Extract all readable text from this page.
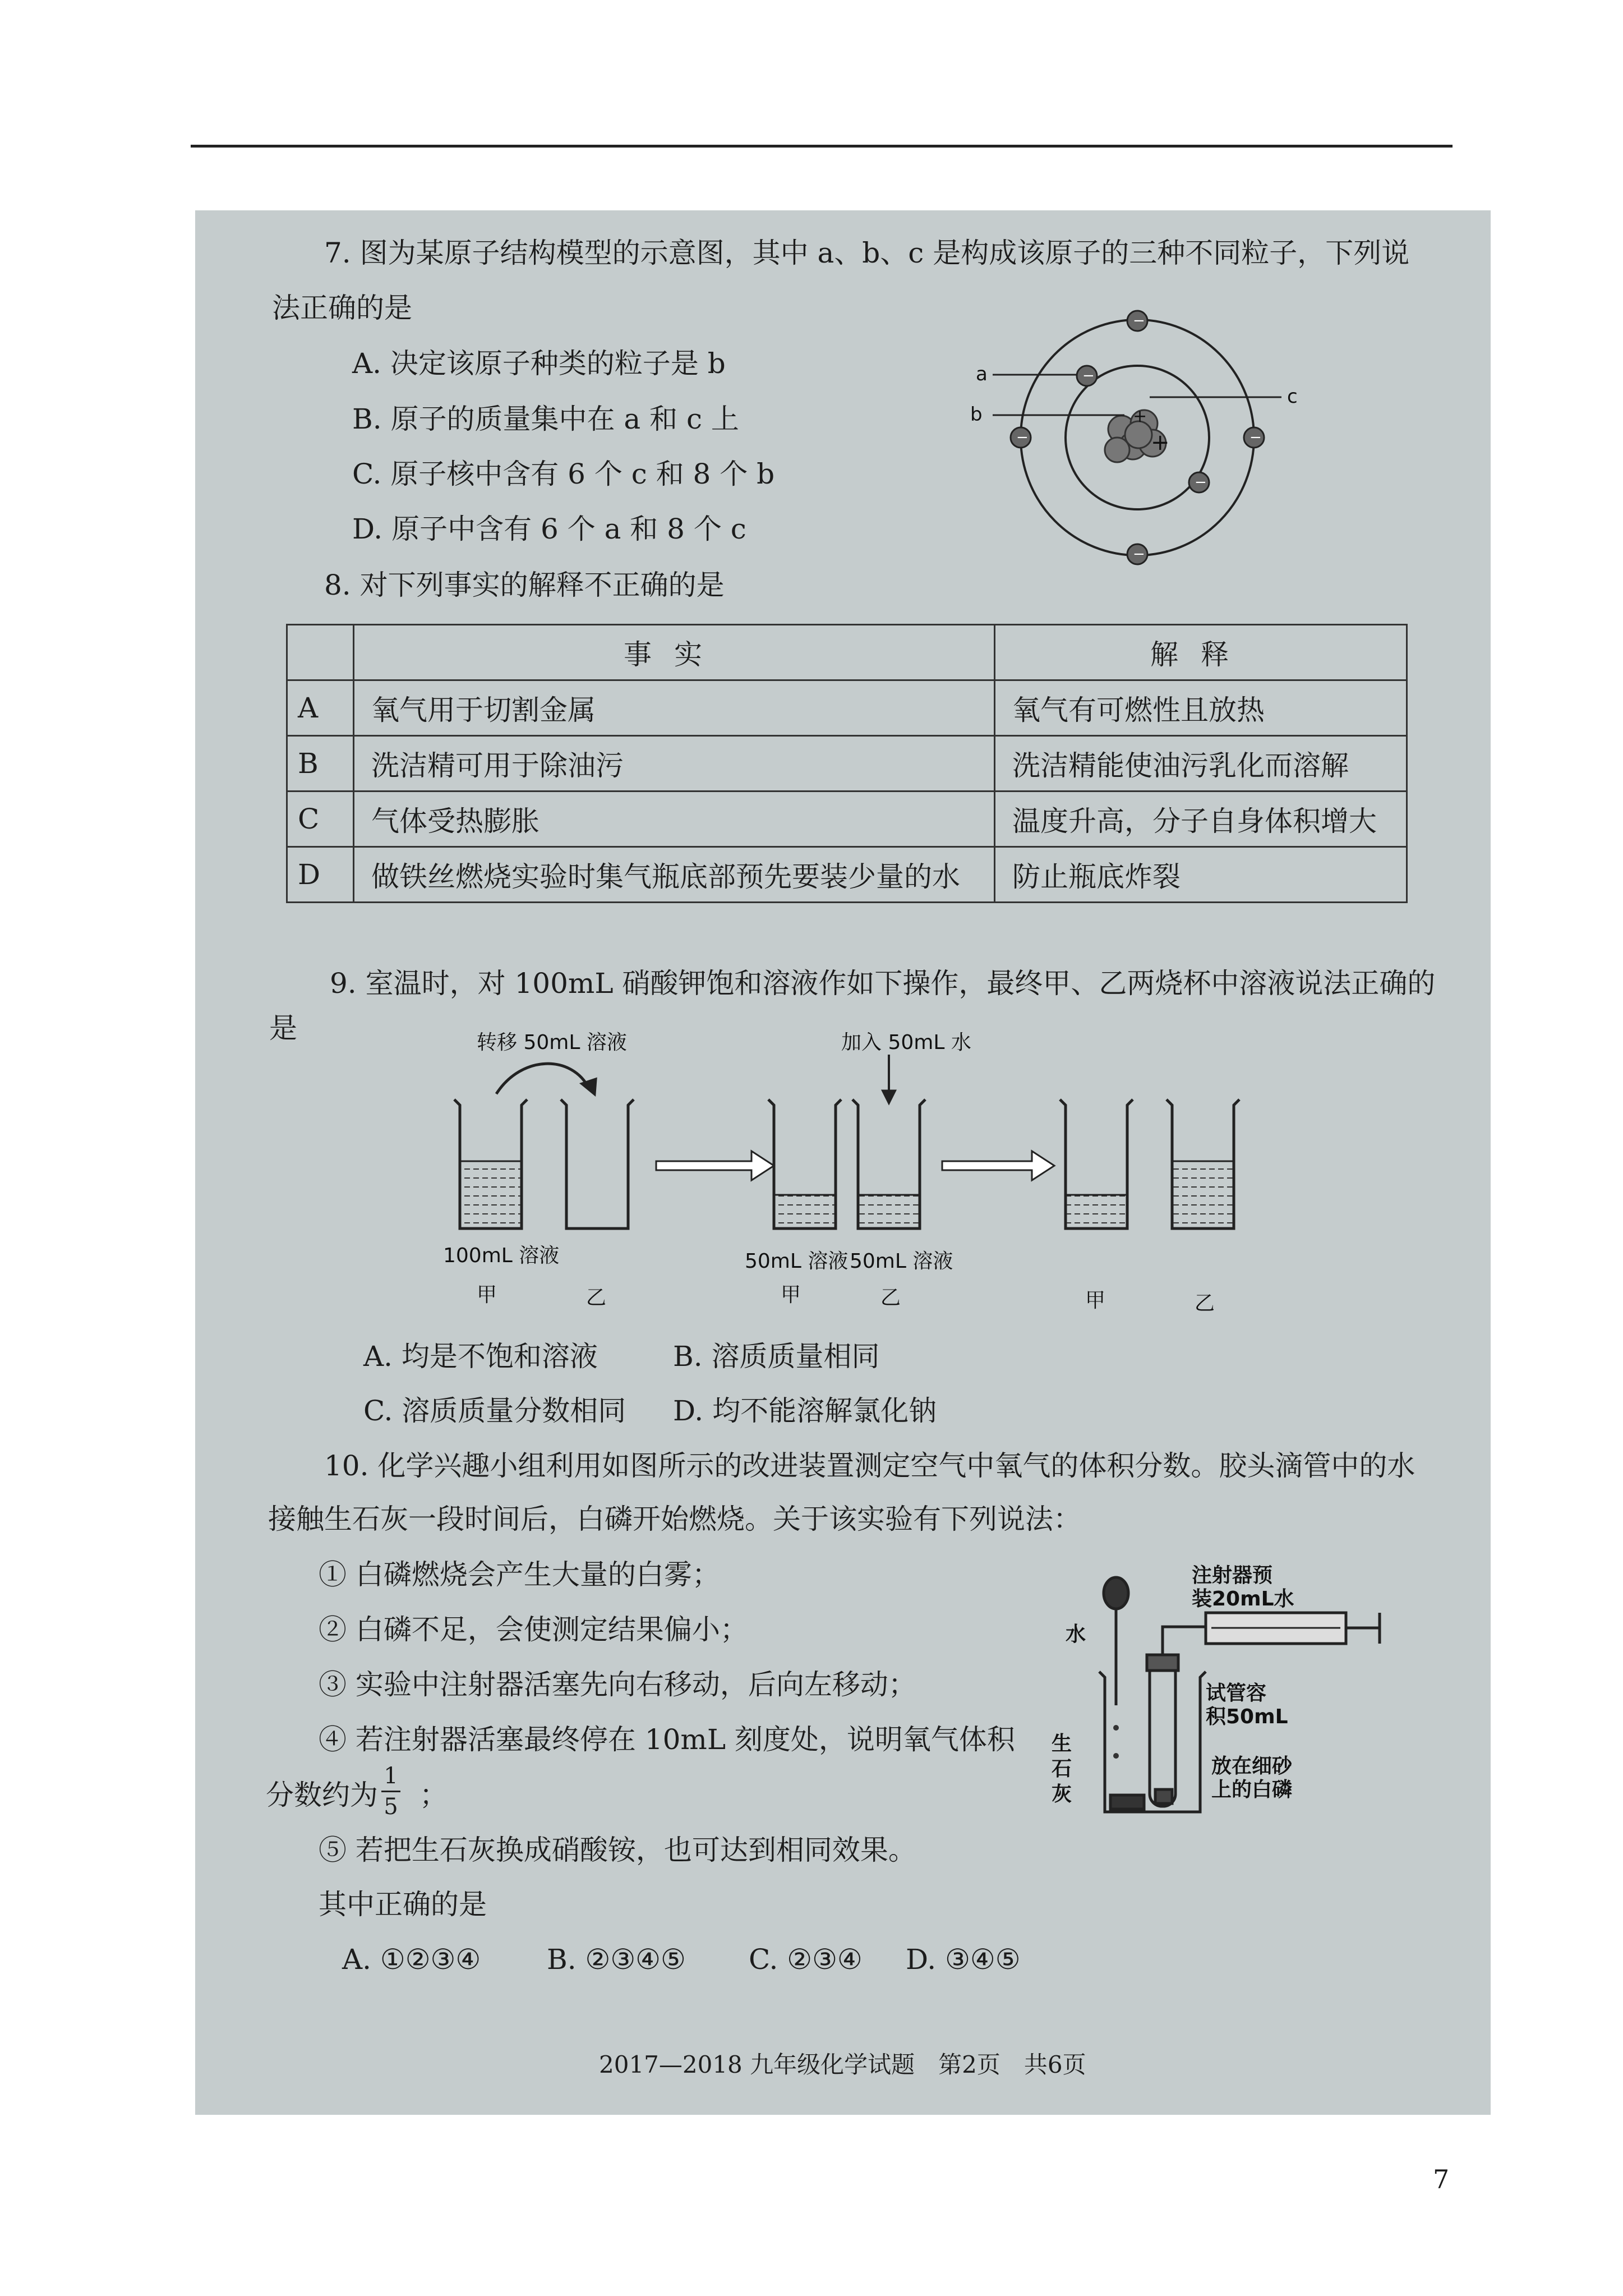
7. 图为某原子结构模型的示意图，其中 a、b、c 是构成该原子的三种不同粒子，下列说
法正确的是
A. 决定该原子种类的粒子是 b
B. 原子的质量集中在 a 和 c 上
C. 原子核中含有 6 个 c 和 8 个 b
D. 原子中含有 6 个 a 和 8 个 c
+
+
−
−
−	−
−
−
a
b
c
8. 对下列事实的解释不正确的是
	事实	解释
A	氧气用于切割金属	氧气有可燃性且放热
B	洗洁精可用于除油污	洗洁精能使油污乳化而溶解
C	气体受热膨胀	温度升高，分子自身体积增大
D	做铁丝燃烧实验时集气瓶底部预先要装少量的水	防止瓶底炸裂
9. 室温时，对 100mL 硝酸钾饱和溶液作如下操作，最终甲、乙两烧杯中溶液说法正确的
是	转移 50mL 溶液	加入 50mL 水
100mL 溶液	50mL 溶液 50mL 溶液
甲	乙	甲	乙	甲	乙
A. 均是不饱和溶液	B. 溶质质量相同
C. 溶质质量分数相同 D. 均不能溶解氯化钠
10. 化学兴趣小组利用如图所示的改进装置测定空气中氧气的体积分数。胶头滴管中的水
接触生石灰一段时间后，白磷开始燃烧。关于该实验有下列说法：
① 白磷燃烧会产生大量的白雾；
② 白磷不足，会使测定结果偏小；
③ 实验中注射器活塞先向右移动，后向左移动；
④ 若注射器活塞最终停在 10mL 刻度处，说明氧气体积
分数约为
1
5 ；
⑤ 若把生石灰换成硝酸铵，也可达到相同效果。
其中正确的是
A. ①②③④ B. ②③④⑤ C. ②③④ D. ③④⑤
水
注射器预
装20mL水
试管容
积50mL
生
石
灰
放在细砂
上的白磷
2017—2018 九年级化学试题　第2页　共6页
7
